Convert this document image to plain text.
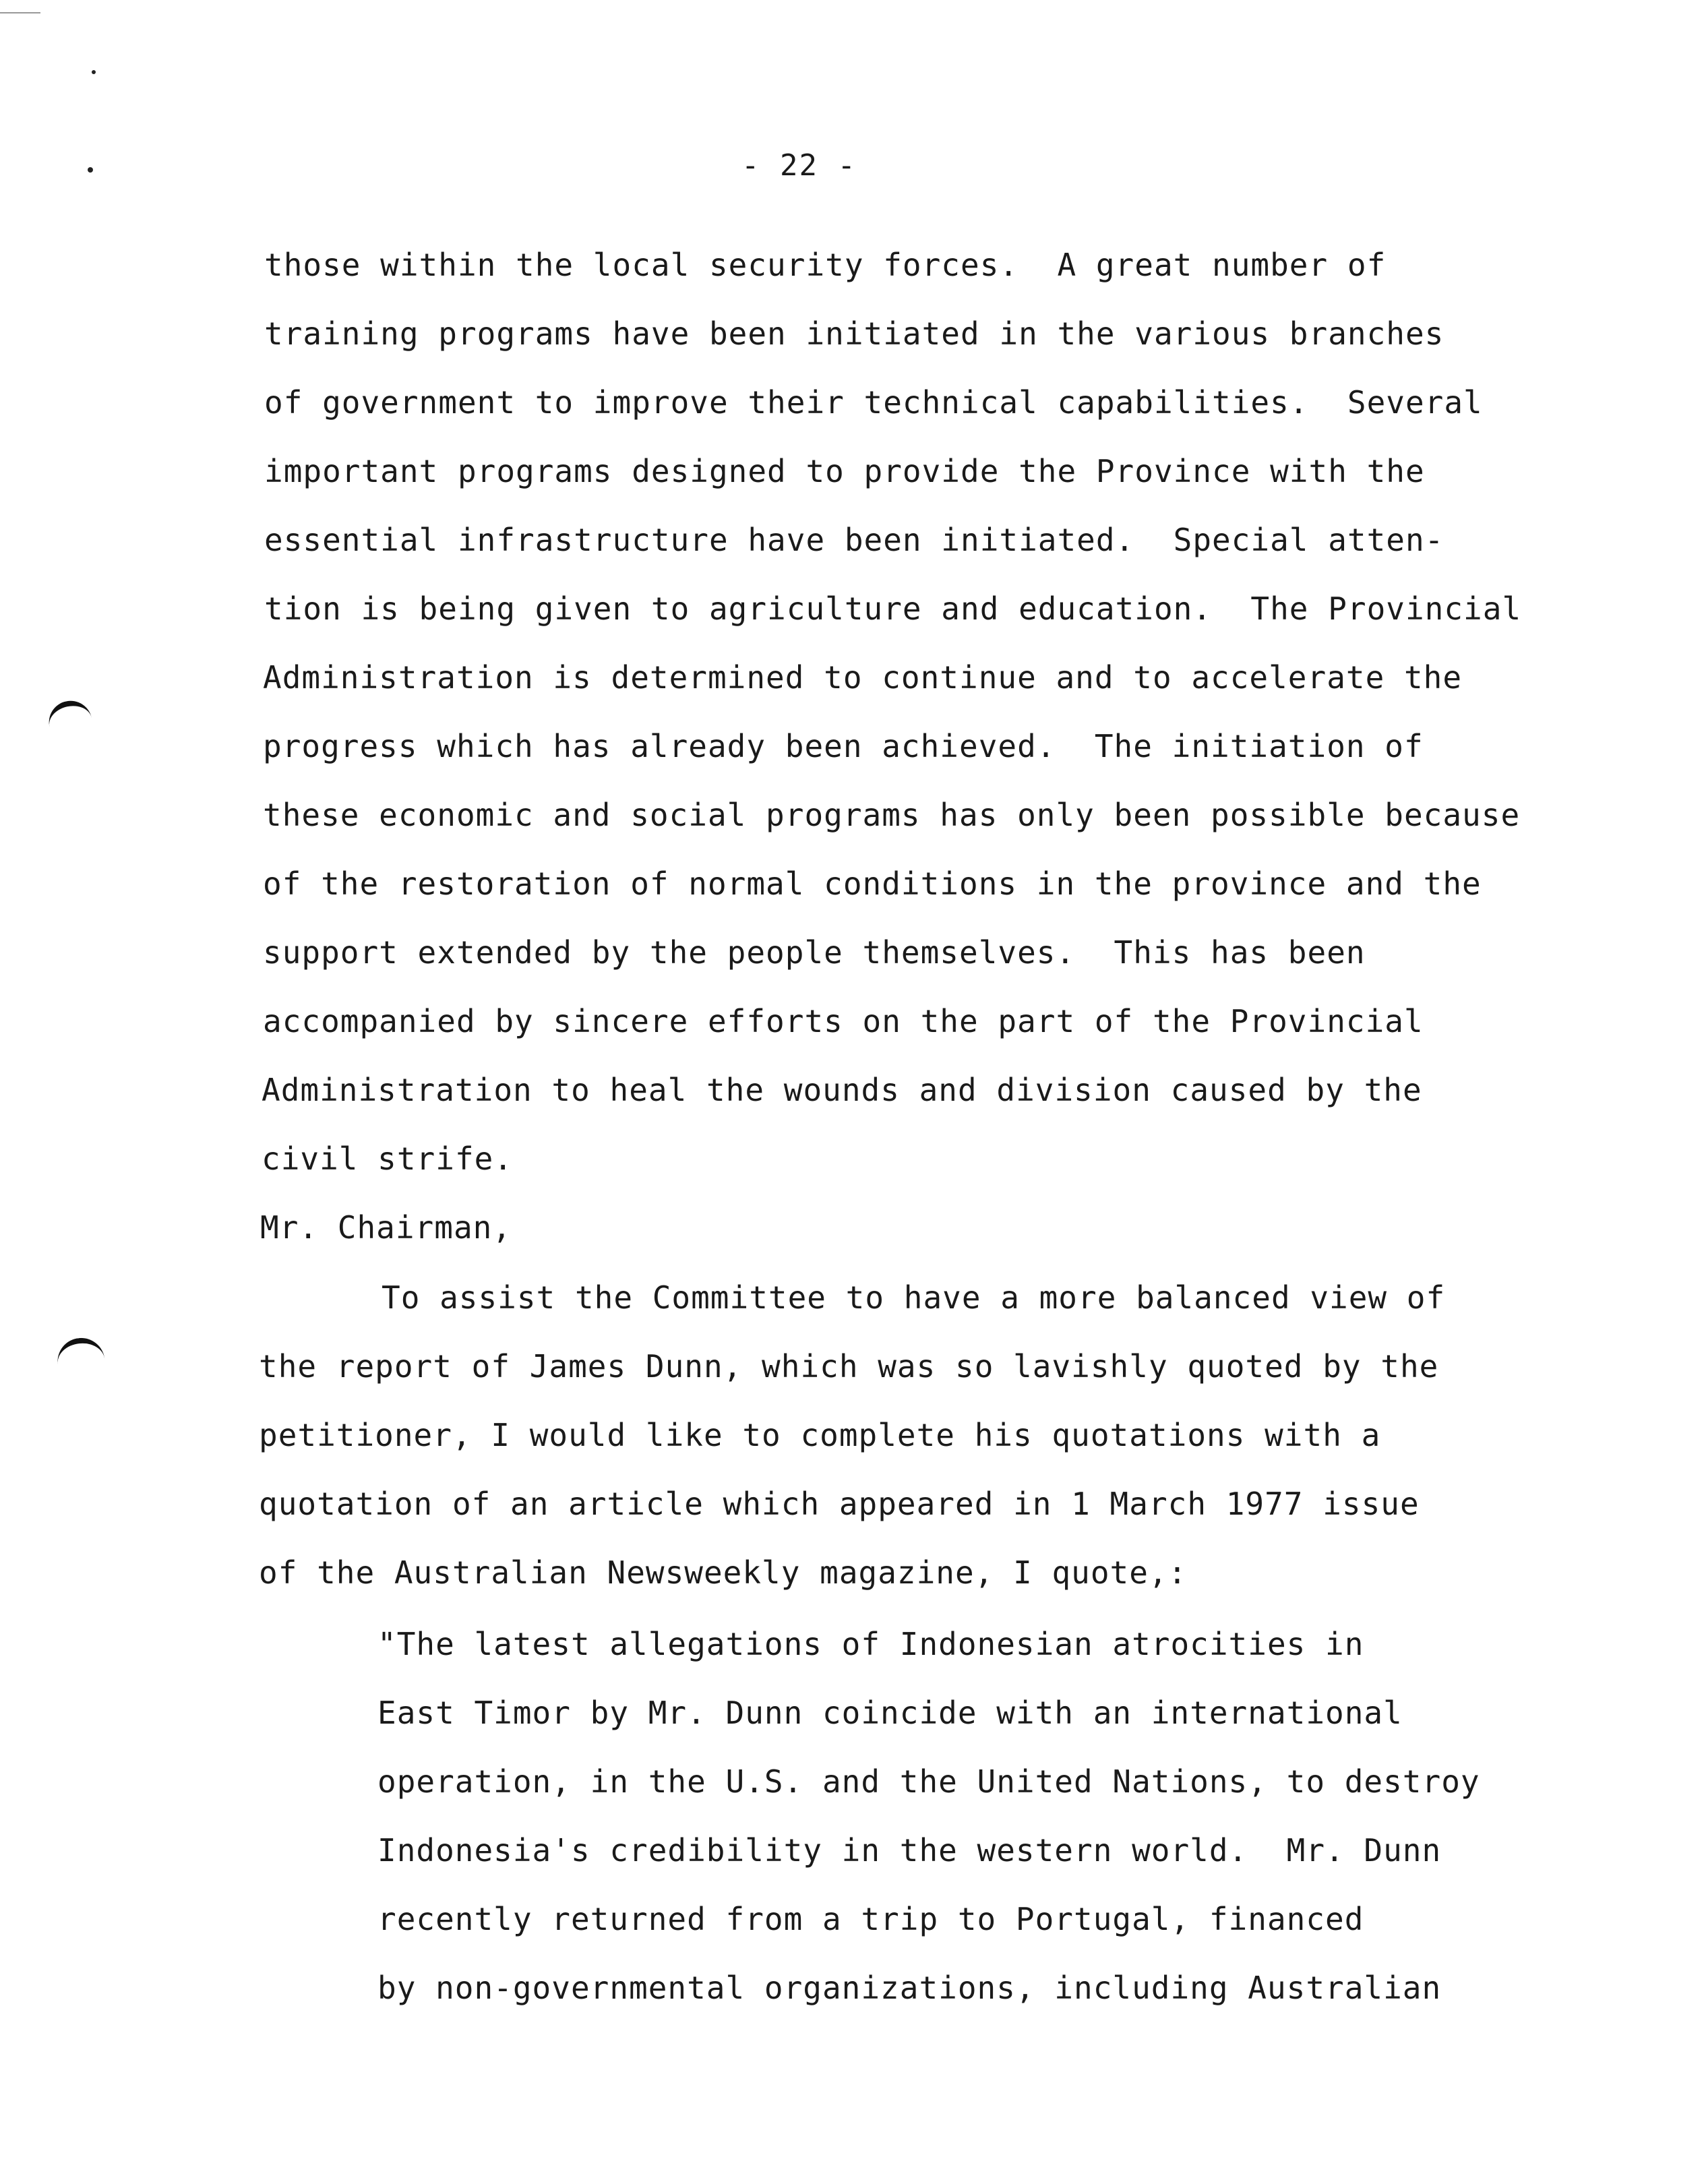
- 22 -
those within the local security forces.  A great number of
training programs have been initiated in the various branches
of government to improve their technical capabilities.  Several
important programs designed to provide the Province with the
essential infrastructure have been initiated.  Special atten-
tion is being given to agriculture and education.  The Provincial
Administration is determined to continue and to accelerate the
progress which has already been achieved.  The initiation of
these economic and social programs has only been possible because
of the restoration of normal conditions in the province and the
support extended by the people themselves.  This has been
accompanied by sincere efforts on the part of the Provincial
Administration to heal the wounds and division caused by the
civil strife.
Mr. Chairman,
To assist the Committee to have a more balanced view of
the report of James Dunn, which was so lavishly quoted by the
petitioner, I would like to complete his quotations with a
quotation of an article which appeared in 1 March 1977 issue
of the Australian Newsweekly magazine, I quote,:
"The latest allegations of Indonesian atrocities in
East Timor by Mr. Dunn coincide with an international
operation, in the U.S. and the United Nations, to destroy
Indonesia's credibility in the western world.  Mr. Dunn
recently returned from a trip to Portugal, financed
by non-governmental organizations, including Australian
